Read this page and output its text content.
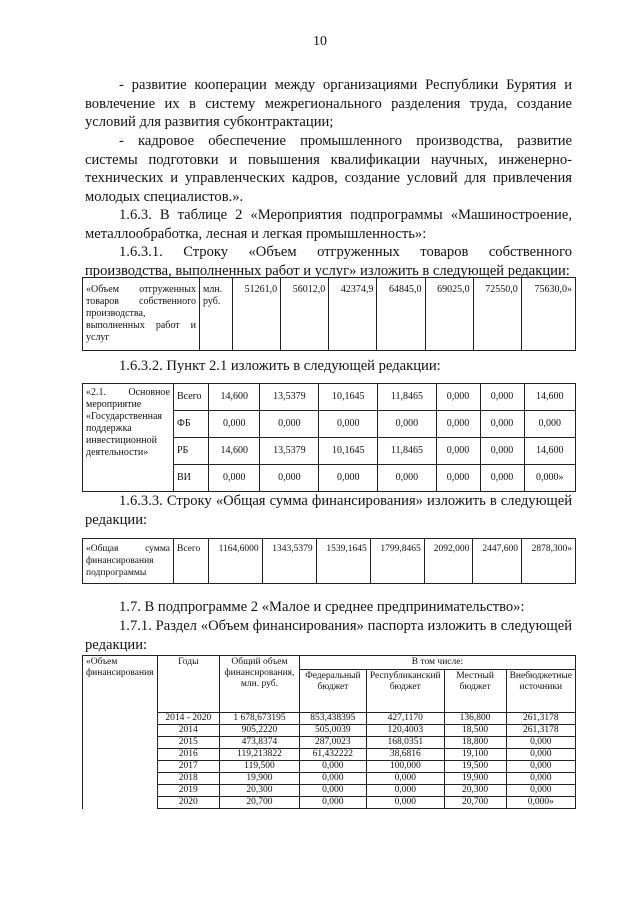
10

- развитие кооперации между организациями Республики Бурятия и вовлечение их в систему межрегионального разделения труда, создание условий для развития субконтрактации;

- кадровое обеспечение промышленного производства, развитие системы подготовки и повышения квалификации научных, инженерно-технических и управленческих кадров, создание условий для привлечения молодых специалистов.».

1.6.3. В таблице 2 «Мероприятия подпрограммы «Машиностроение, металлообработка, лесная и легкая промышленность»:

1.6.3.1. Строку «Объем отгруженных товаров собственного производства, выполненных работ и услуг» изложить в следующей редакции:

«Объем отгруженных товаров собственного производства, выполненных работ и услуг	млн. руб.	51261,0	56012,0	42374,9	64845,0	69025,0	72550,0	75630,0»

1.6.3.2. Пункт 2.1 изложить в следующей редакции:

«2.1. Основное мероприятие «Государственная поддержка инвестиционной деятельности»	Всего	14,600	13,5379	10,1645	11,8465	0,000	0,000	14,600
	ФБ	0,000	0,000	0,000	0,000	0,000	0,000	0,000
	РБ	14,600	13,5379	10,1645	11,8465	0,000	0,000	14,600
	ВИ	0,000	0,000	0,000	0,000	0,000	0,000	0,000»

1.6.3.3. Строку «Общая сумма финансирования» изложить в следующей редакции:

«Общая сумма финансирования подпрограммы	Всего	1164,6000	1343,5379	1539,1645	1799,8465	2092,000	2447,600	2878,300»

1.7. В подпрограмме 2 «Малое и среднее предпринимательство»:

1.7.1. Раздел «Объем финансирования» паспорта изложить в следующей редакции:

«Объем финансирования	Годы	Общий объем финансирования, млн. руб.	В том числе:			
			Федеральный бюджет	Республиканский бюджет	Местный бюджет	Внебюджетные источники
	2014 - 2020	1 678,673195	853,438395	427,1170	136,800	261,3178
	2014	905,2220	505,0039	120,4003	18,500	261,3178
	2015	473,8374	287,0023	168,0351	18,800	0,000
	2016	119,213822	61,432222	38,6816	19,100	0,000
	2017	119,500	0,000	100,000	19,500	0,000
	2018	19,900	0,000	0,000	19,900	0,000
	2019	20,300	0,000	0,000	20,300	0,000
	2020	20,700	0,000	0,000	20,700	0,000»
